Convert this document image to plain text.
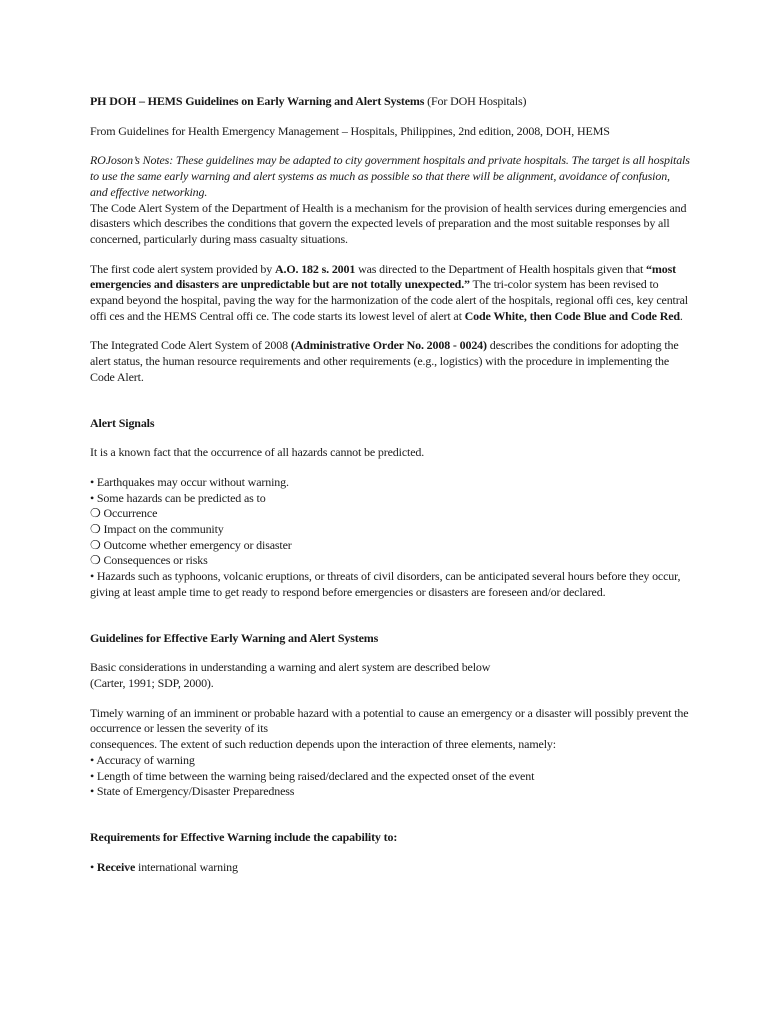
PH DOH – HEMS Guidelines on Early Warning and Alert Systems (For DOH Hospitals)

From Guidelines for Health Emergency Management – Hospitals, Philippines, 2nd edition, 2008, DOH, HEMS

ROJoson’s Notes: These guidelines may be adapted to city government hospitals and private hospitals. The target is all hospitals to use the same early warning and alert systems as much as possible so that there will be alignment, avoidance of confusion, and effective networking.

The Code Alert System of the Department of Health is a mechanism for the provision of health services during emergencies and disasters which describes the conditions that govern the expected levels of preparation and the most suitable responses by all concerned, particularly during mass casualty situations.

The first code alert system provided by A.O. 182 s. 2001 was directed to the Department of Health hospitals given that “most emergencies and disasters are unpredictable but are not totally unexpected.” The tri-color system has been revised to expand beyond the hospital, paving the way for the harmonization of the code alert of the hospitals, regional offi ces, key central offi ces and the HEMS Central offi ce. The code starts its lowest level of alert at Code White, then Code Blue and Code Red.

The Integrated Code Alert System of 2008 (Administrative Order No. 2008 - 0024) describes the conditions for adopting the alert status, the human resource requirements and other requirements (e.g., logistics) with the procedure in implementing the Code Alert.

Alert Signals

It is a known fact that the occurrence of all hazards cannot be predicted.

• Earthquakes may occur without warning.

• Some hazards can be predicted as to

❍ Occurrence

❍ Impact on the community

❍ Outcome whether emergency or disaster

❍ Consequences or risks

• Hazards such as typhoons, volcanic eruptions, or threats of civil disorders, can be anticipated several hours before they occur, giving at least ample time to get ready to respond before emergencies or disasters are foreseen and/or declared.

Guidelines for Effective Early Warning and Alert Systems

Basic considerations in understanding a warning and alert system are described below

(Carter, 1991; SDP, 2000).

Timely warning of an imminent or probable hazard with a potential to cause an emergency or a disaster will possibly prevent the occurrence or lessen the severity of its

consequences. The extent of such reduction depends upon the interaction of three elements, namely:

• Accuracy of warning

• Length of time between the warning being raised/declared and the expected onset of the event

• State of Emergency/Disaster Preparedness

Requirements for Effective Warning include the capability to:

• Receive international warning
